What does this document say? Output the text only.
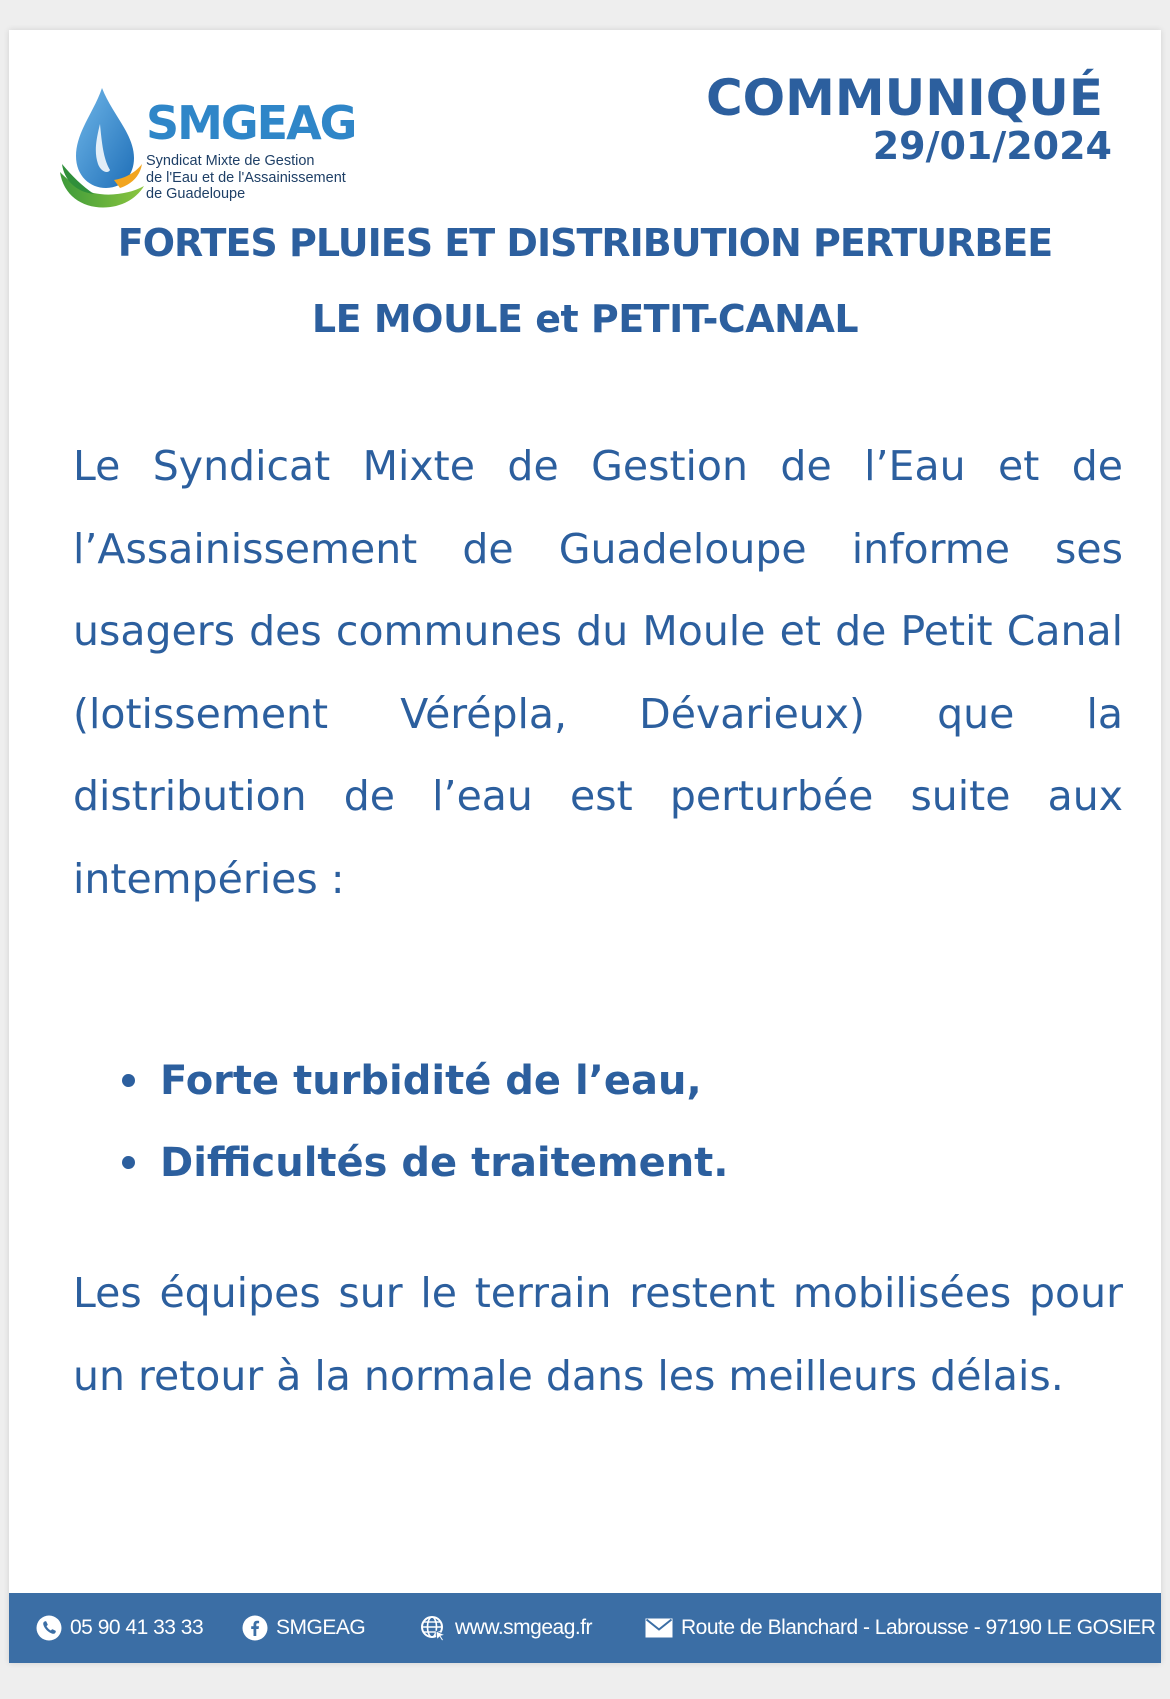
SMGEAG
Syndicat Mixte de Gestion
de l'Eau et de l'Assainissement
de Guadeloupe
COMMUNIQUÉ
29/01/2024
FORTES PLUIES ET DISTRIBUTION PERTURBEE
LE MOULE et PETIT-CANAL
Le Syndicat Mixte de Gestion de l’Eau et de l’Assainissement de Guadeloupe informe ses usagers des communes du Moule et de Petit Canal (lotissement Vérépla, Dévarieux) que la distribution de l’eau est perturbée suite aux intempéries :
Forte turbidité de l’eau,
Difficultés de traitement.
Les équipes sur le terrain restent mobilisées pour un retour à la normale dans les meilleurs délais.
05 90 41 33 33	SMGEAG	www.smgeag.fr	Route de Blanchard - Labrousse - 97190 LE GOSIER
